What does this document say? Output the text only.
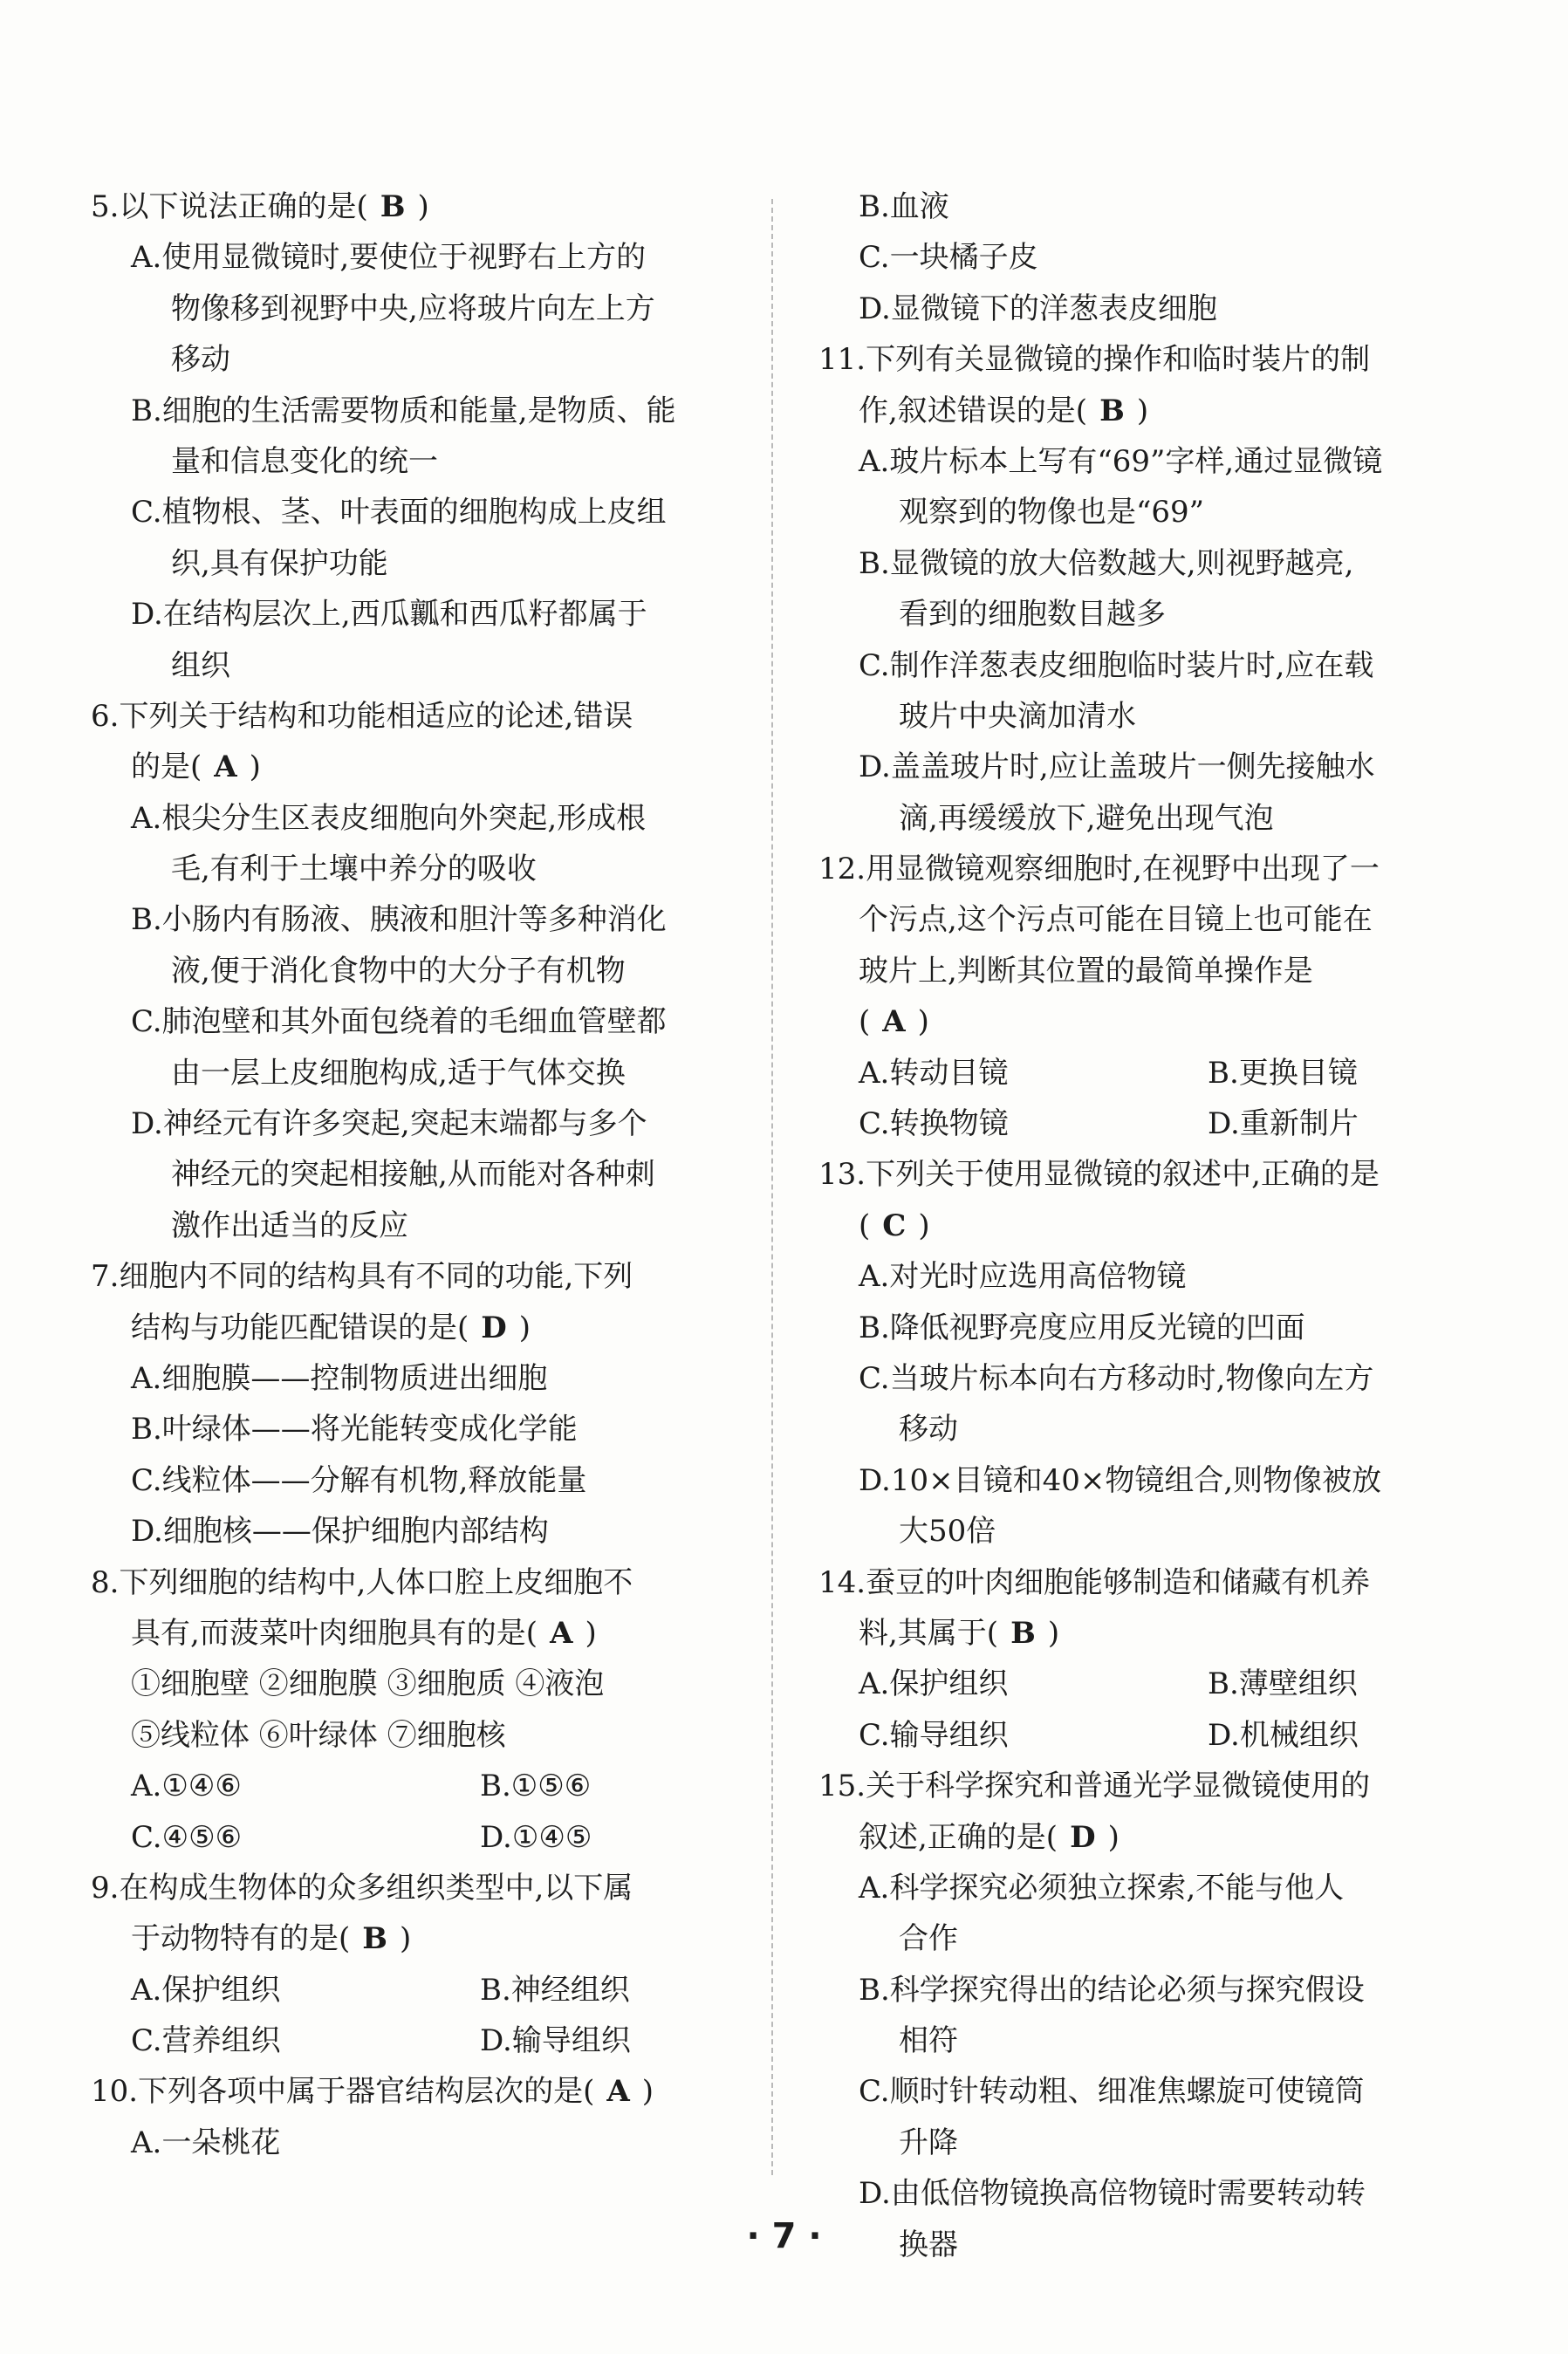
5.以下说法正确的是( B )
A.使用显微镜时,要使位于视野右上方的
物像移到视野中央,应将玻片向左上方
移动
B.细胞的生活需要物质和能量,是物质、能
量和信息变化的统一
C.植物根、茎、叶表面的细胞构成上皮组
织,具有保护功能
D.在结构层次上,西瓜瓤和西瓜籽都属于
组织
6.下列关于结构和功能相适应的论述,错误
的是( A )
A.根尖分生区表皮细胞向外突起,形成根
毛,有利于土壤中养分的吸收
B.小肠内有肠液、胰液和胆汁等多种消化
液,便于消化食物中的大分子有机物
C.肺泡壁和其外面包绕着的毛细血管壁都
由一层上皮细胞构成,适于气体交换
D.神经元有许多突起,突起末端都与多个
神经元的突起相接触,从而能对各种刺
激作出适当的反应
7.细胞内不同的结构具有不同的功能,下列
结构与功能匹配错误的是( D )
A.细胞膜——控制物质进出细胞
B.叶绿体——将光能转变成化学能
C.线粒体——分解有机物,释放能量
D.细胞核——保护细胞内部结构
8.下列细胞的结构中,人体口腔上皮细胞不
具有,而菠菜叶肉细胞具有的是( A )
①细胞壁 ②细胞膜 ③细胞质 ④液泡
⑤线粒体 ⑥叶绿体 ⑦细胞核
A.①④⑥	B.①⑤⑥
C.④⑤⑥	D.①④⑤
9.在构成生物体的众多组织类型中,以下属
于动物特有的是( B )
A.保护组织	B.神经组织
C.营养组织	D.输导组织
10.下列各项中属于器官结构层次的是( A )
A.一朵桃花
B.血液
C.一块橘子皮
D.显微镜下的洋葱表皮细胞
11.下列有关显微镜的操作和临时装片的制
作,叙述错误的是( B )
A.玻片标本上写有“69”字样,通过显微镜
观察到的物像也是“69”
B.显微镜的放大倍数越大,则视野越亮,
看到的细胞数目越多
C.制作洋葱表皮细胞临时装片时,应在载
玻片中央滴加清水
D.盖盖玻片时,应让盖玻片一侧先接触水
滴,再缓缓放下,避免出现气泡
12.用显微镜观察细胞时,在视野中出现了一
个污点,这个污点可能在目镜上也可能在
玻片上,判断其位置的最简单操作是
( A )
A.转动目镜	B.更换目镜
C.转换物镜	D.重新制片
13.下列关于使用显微镜的叙述中,正确的是
( C )
A.对光时应选用高倍物镜
B.降低视野亮度应用反光镜的凹面
C.当玻片标本向右方移动时,物像向左方
移动
D.10×目镜和40×物镜组合,则物像被放
大50倍
14.蚕豆的叶肉细胞能够制造和储藏有机养
料,其属于( B )
A.保护组织	B.薄壁组织
C.输导组织	D.机械组织
15.关于科学探究和普通光学显微镜使用的
叙述,正确的是( D )
A.科学探究必须独立探索,不能与他人
合作
B.科学探究得出的结论必须与探究假设
相符
C.顺时针转动粗、细准焦螺旋可使镜筒
升降
D.由低倍物镜换高倍物镜时需要转动转
换器
· 7 ·
